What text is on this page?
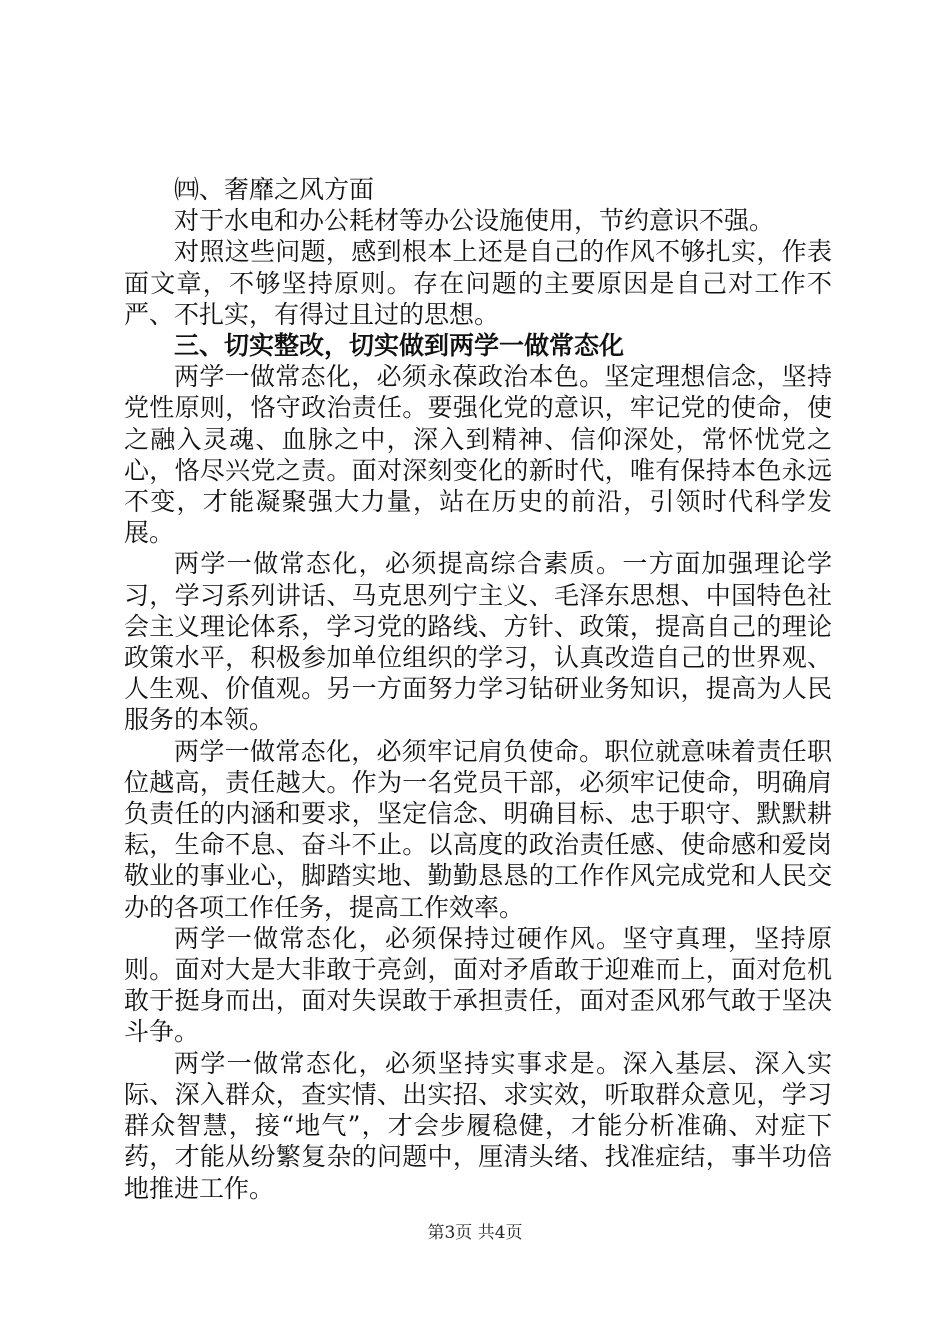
㈣、奢靡之风方面

对于水电和办公耗材等办公设施使用，节约意识不强。

对照这些问题，感到根本上还是自己的作风不够扎实，作表面文章，不够坚持原则。存在问题的主要原因是自己对工作不严、不扎实，有得过且过的思想。

三、切实整改，切实做到两学一做常态化

两学一做常态化，必须永葆政治本色。坚定理想信念，坚持党性原则，恪守政治责任。要强化党的意识，牢记党的使命，使之融入灵魂、血脉之中，深入到精神、信仰深处，常怀忧党之心，恪尽兴党之责。面对深刻变化的新时代，唯有保持本色永远不变，才能凝聚强大力量，站在历史的前沿，引领时代科学发展。

两学一做常态化，必须提高综合素质。一方面加强理论学习，学习系列讲话、马克思列宁主义、毛泽东思想、中国特色社会主义理论体系，学习党的路线、方针、政策，提高自己的理论政策水平，积极参加单位组织的学习，认真改造自己的世界观、人生观、价值观。另一方面努力学习钻研业务知识，提高为人民服务的本领。

两学一做常态化，必须牢记肩负使命。职位就意味着责任职位越高，责任越大。作为一名党员干部，必须牢记使命，明确肩负责任的内涵和要求，坚定信念、明确目标、忠于职守、默默耕耘，生命不息、奋斗不止。以高度的政治责任感、使命感和爱岗敬业的事业心，脚踏实地、勤勤恳恳的工作作风完成党和人民交办的各项工作任务，提高工作效率。

两学一做常态化，必须保持过硬作风。坚守真理，坚持原则。面对大是大非敢于亮剑，面对矛盾敢于迎难而上，面对危机敢于挺身而出，面对失误敢于承担责任，面对歪风邪气敢于坚决斗争。

两学一做常态化，必须坚持实事求是。深入基层、深入实际、深入群众，查实情、出实招、求实效，听取群众意见，学习群众智慧，接“地气”，才会步履稳健，才能分析准确、对症下药，才能从纷繁复杂的问题中，厘清头绪、找准症结，事半功倍地推进工作。

第3页 共4页
